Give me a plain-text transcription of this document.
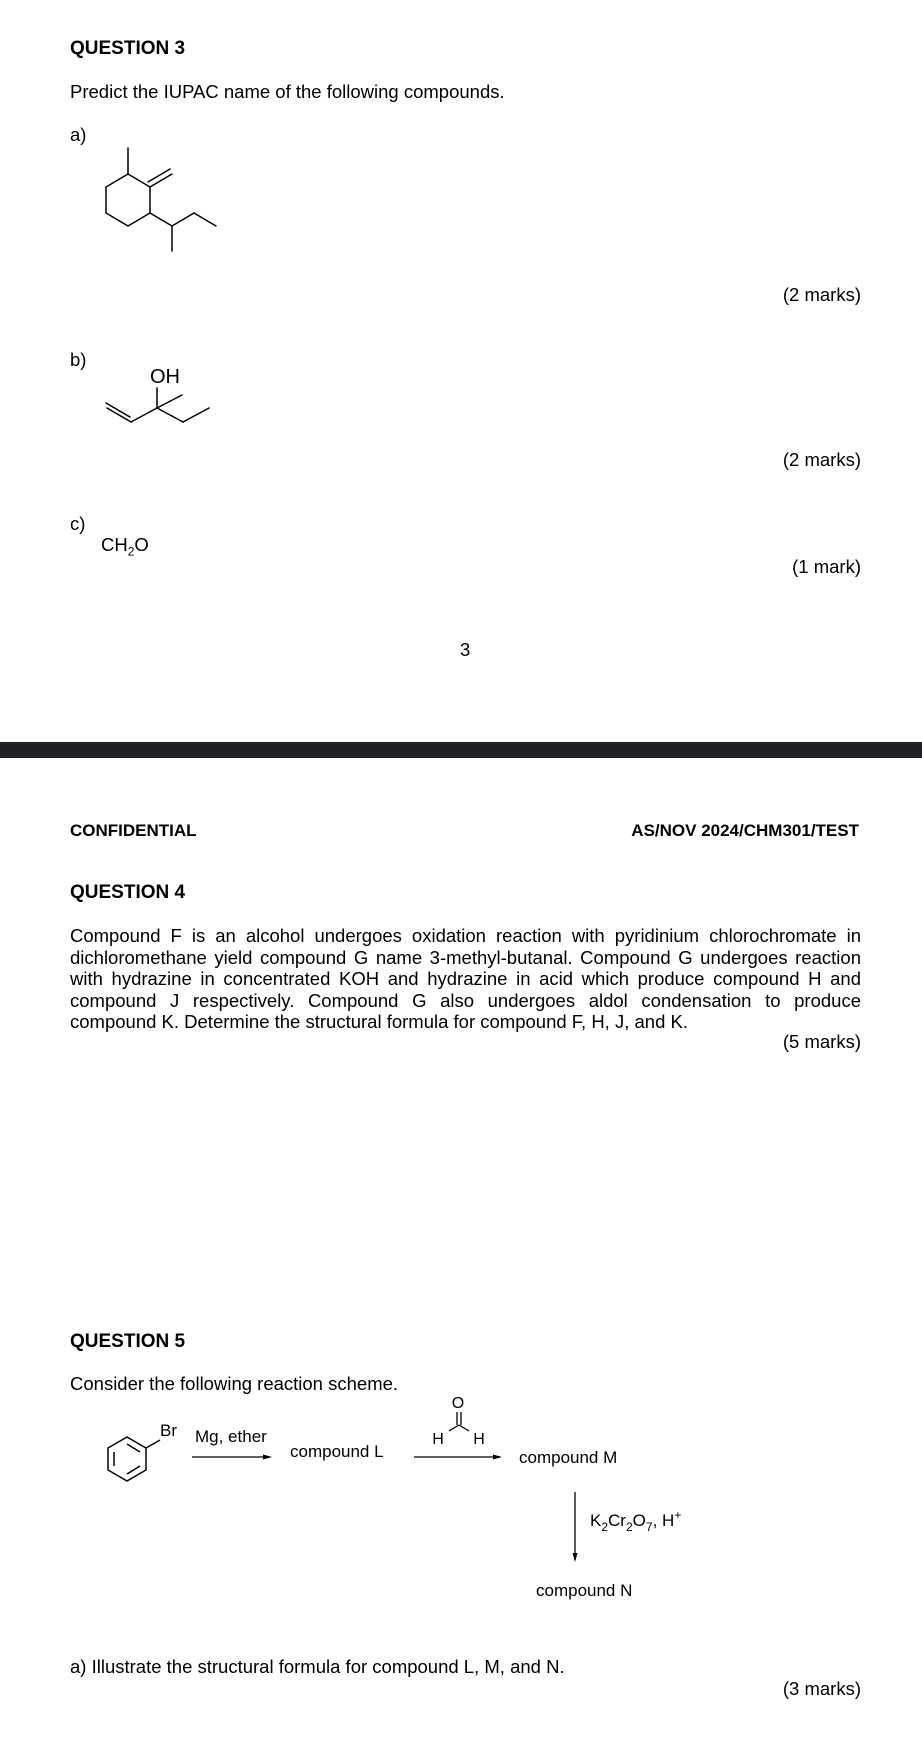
QUESTION 3
Predict the IUPAC name of the following compounds.
a)
(2 marks)
b)
OH
(2 marks)
c)
$CH_2O$
(1 mark)
3
CONFIDENTIAL	AS/NOV 2024/CHM301/TEST
QUESTION 4
Compound F is an alcohol undergoes oxidation reaction with pyridinium chlorochromate in dichloromethane yield compound G name 3-methyl-butanal. Compound G undergoes reaction with hydrazine in concentrated KOH and hydrazine in acid which produce compound H and compound J respectively. Compound G also undergoes aldol condensation to produce compound K. Determine the structural formula for compound F, H, J, and K.
(5 marks)
QUESTION 5
Consider the following reaction scheme.
Br Mg, ether
compound L
O
H H
compound M
$K_2Cr_2O_7$, H+
compound N
a) Illustrate the structural formula for compound L, M, and N.
(3 marks)
